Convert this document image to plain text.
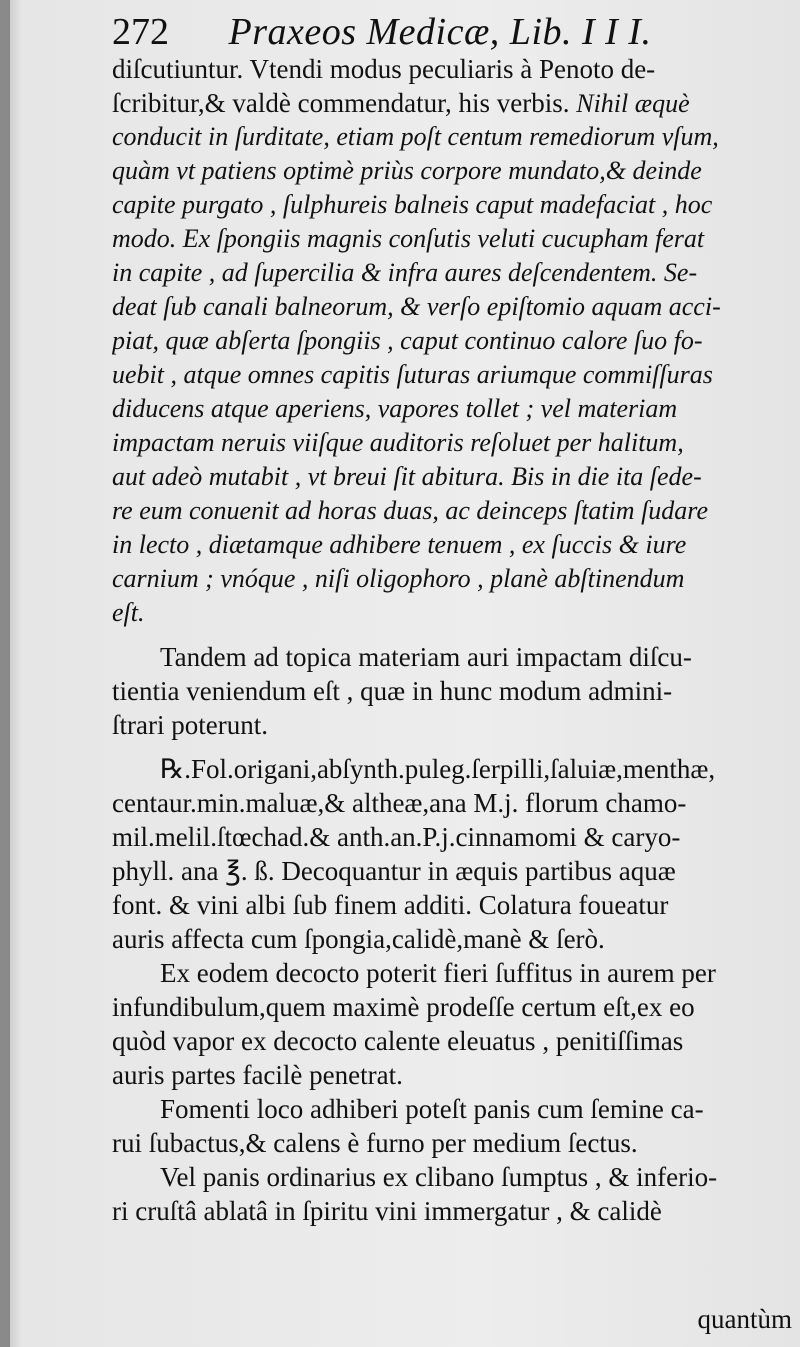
272 Praxeos Medicæ, Lib. I I I.
diſcutiuntur. Vtendi modus peculiaris à Penoto de-
ſcribitur,& valdè commendatur, his verbis. Nihil æquè
conducit in ſurditate, etiam poſt centum remediorum vſum,
quàm vt patiens optimè priùs corpore mundato,& deinde
capite purgato , ſulphureis balneis caput madefaciat , hoc
modo. Ex ſpongiis magnis conſutis veluti cucupham ferat
in capite , ad ſupercilia & infra aures deſcendentem. Se-
deat ſub canali balneorum, & verſo epiſtomio aquam acci-
piat, quæ abſerta ſpongiis , caput continuo calore ſuo fo-
uebit , atque omnes capitis ſuturas ariumque commiſſuras
diducens atque aperiens, vapores tollet ; vel materiam
impactam neruis viiſque auditoris reſoluet per halitum,
aut adeò mutabit , vt breui ſit abitura. Bis in die ita ſede-
re eum conuenit ad horas duas, ac deinceps ſtatim ſudare
in lecto , diætamque adhibere tenuem , ex ſuccis & iure
carnium ; vnóque , niſi oligophoro , planè abſtinendum
eſt.
Tandem ad topica materiam auri impactam diſcu-
tientia veniendum eſt , quæ in hunc modum admini-
ſtrari poterunt.
℞.Fol.origani,abſynth.puleg.ſerpilli,ſaluiæ,menthæ,
centaur.min.maluæ,& altheæ,ana M.j. florum chamo-
mil.melil.ſtœchad.& anth.an.P.j.cinnamomi & caryo-
phyll. ana ℥. ß. Decoquantur in æquis partibus aquæ
font. & vini albi ſub finem additi. Colatura foueatur
auris affecta cum ſpongia,calidè,manè & ſerò.
Ex eodem decocto poterit fieri ſuffitus in aurem per
infundibulum,quem maximè prodeſſe certum eſt,ex eo
quòd vapor ex decocto calente eleuatus , penitiſſimas
auris partes facilè penetrat.
Fomenti loco adhiberi poteſt panis cum ſemine ca-
rui ſubactus,& calens è furno per medium ſectus.
Vel panis ordinarius ex clibano ſumptus , & inferio-
ri cruſtâ ablatâ in ſpiritu vini immergatur , & calidè
quantùm
